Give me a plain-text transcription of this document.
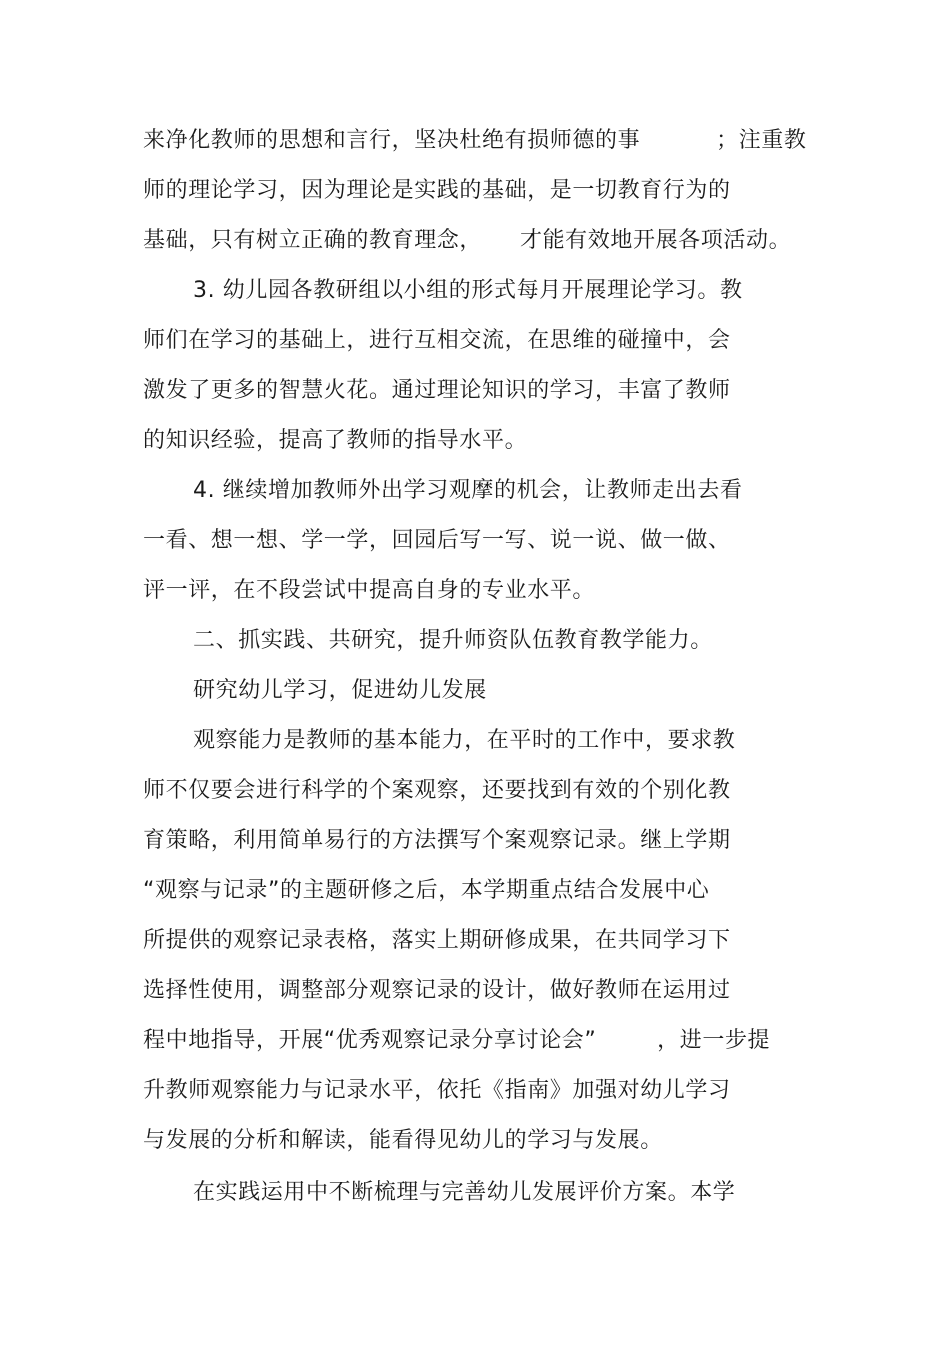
来净化教师的思想和言行，坚决杜绝有损师德的事          ；注重教
师的理论学习，因为理论是实践的基础，是一切教育行为的
基础，只有树立正确的教育理念，     才能有效地开展各项活动。
3. 幼儿园各教研组以小组的形式每月开展理论学习。教
师们在学习的基础上，进行互相交流，在思维的碰撞中，会
激发了更多的智慧火花。通过理论知识的学习，丰富了教师
的知识经验，提高了教师的指导水平。
4. 继续增加教师外出学习观摩的机会，让教师走出去看
一看、想一想、学一学，回园后写一写、说一说、做一做、
评一评，在不段尝试中提高自身的专业水平。
二、抓实践、共研究，提升师资队伍教育教学能力。
研究幼儿学习，促进幼儿发展
观察能力是教师的基本能力，在平时的工作中，要求教
师不仅要会进行科学的个案观察，还要找到有效的个别化教
育策略，利用简单易行的方法撰写个案观察记录。继上学期
“观察与记录”的主题研修之后，本学期重点结合发展中心
所提供的观察记录表格，落实上期研修成果，在共同学习下
选择性使用，调整部分观察记录的设计，做好教师在运用过
程中地指导，开展“优秀观察记录分享讨论会”        ，进一步提
升教师观察能力与记录水平，依托《指南》加强对幼儿学习
与发展的分析和解读，能看得见幼儿的学习与发展。
在实践运用中不断梳理与完善幼儿发展评价方案。本学
